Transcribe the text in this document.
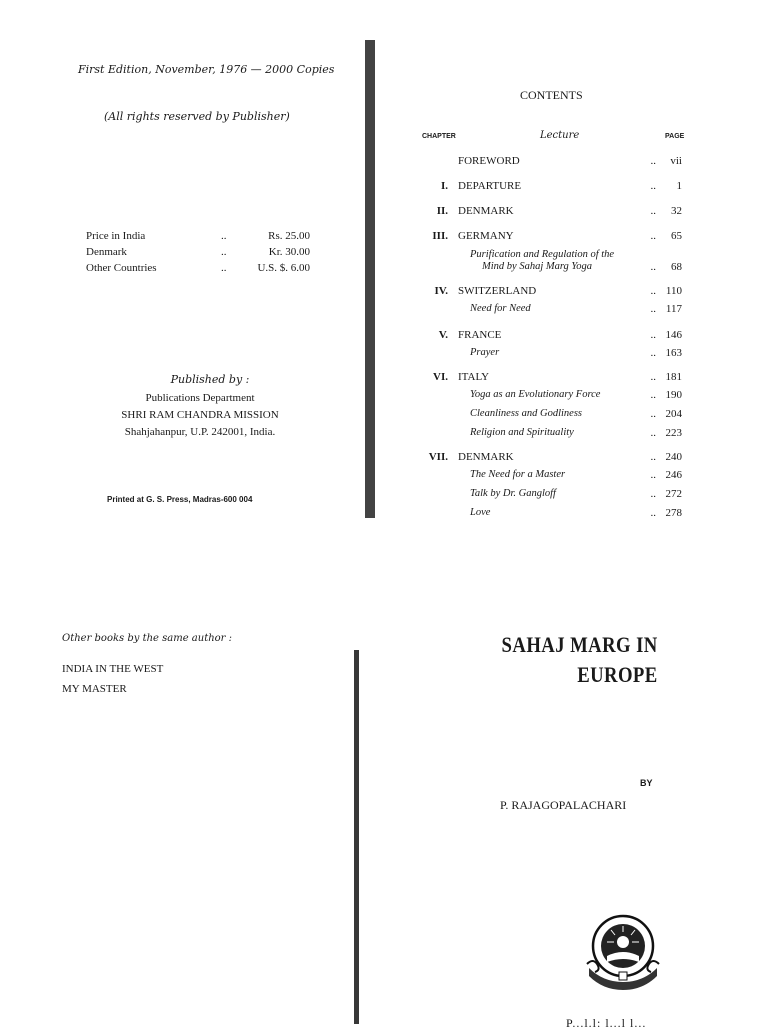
First Edition, November, 1976 — 2000 Copies
(All rights reserved by Publisher)
Price in India	..	Rs. 25.00
Denmark	..	Kr. 30.00
Other Countries	..	U.S. $. 6.00
Published by :
Publications Department
SHRI RAM CHANDRA MISSION
Shahjahanpur, U.P. 242001, India.
Printed at G. S. Press, Madras-600 004
CONTENTS
CHAPTER	Lecture	PAGE
FOREWORD	.. vii
I. DEPARTURE	.. 1
II. DENMARK	.. 32
III. GERMANY	.. 65
Purification and Regulation of the
Mind by Sahaj Marg Yoga	.. 68
IV. SWITZERLAND	.. 110
Need for Need	.. 117
V. FRANCE	.. 146
Prayer	.. 163
VI. ITALY	.. 181
Yoga as an Evolutionary Force	.. 190
Cleanliness and Godliness	.. 204
Religion and Spirituality	.. 223
VII. DENMARK	.. 240
The Need for a Master	.. 246
Talk by Dr. Gangloff	.. 272
Love	.. 278
Other books by the same author :
INDIA IN THE WEST
MY MASTER
SAHAJ MARG IN
EUROPE
BY
P. RAJAGOPALACHARI
P...l.l: l...l l...
